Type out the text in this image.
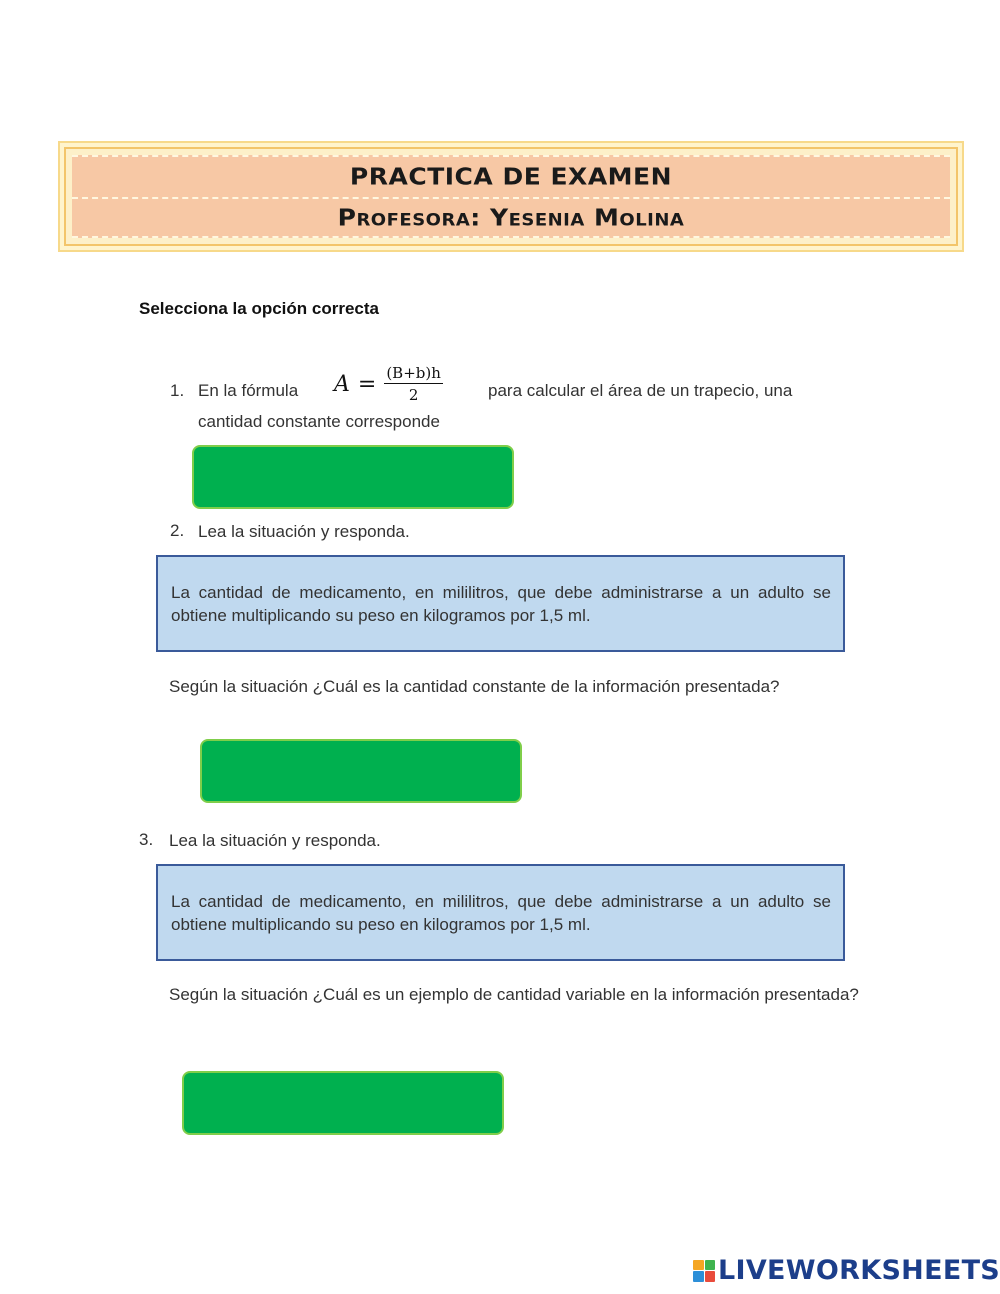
PRACTICA DE EXAMEN
Profesora: Yesenia Molina
Selecciona la opción correcta
1. En la fórmula $A = \frac{(B+b)h}{2}$	para calcular el área de un trapecio, una
cantidad constante corresponde
2. Lea la situación y responda.
La cantidad de medicamento, en mililitros, que debe administrarse a un adulto se obtiene multiplicando su peso en kilogramos por 1,5 ml.
Según la situación ¿Cuál es la cantidad constante de la información presentada?
3. Lea la situación y responda.
La cantidad de medicamento, en mililitros, que debe administrarse a un adulto se obtiene multiplicando su peso en kilogramos por 1,5 ml.
Según la situación ¿Cuál es un ejemplo de cantidad variable en la información presentada?
LIVEWORKSHEETS
